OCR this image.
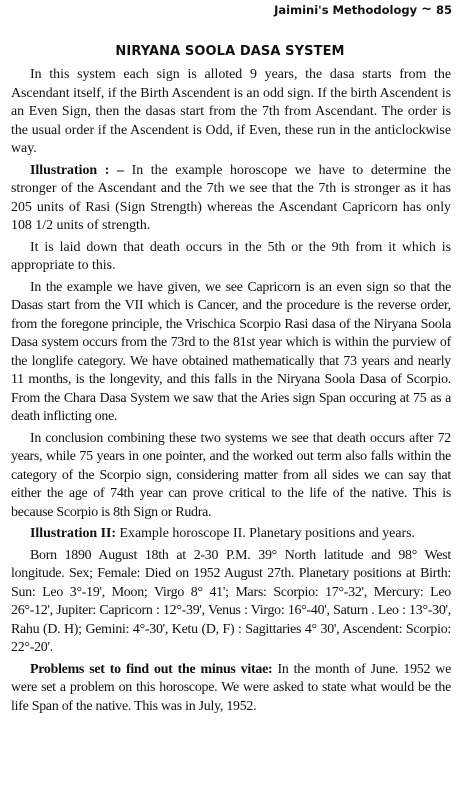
Jaimini's Methodology ~ 85
NIRYANA SOOLA DASA SYSTEM

In this system each sign is alloted 9 years, the dasa starts from the Ascendant itself, if the Birth Ascendent is an odd sign. If the birth Ascendent is an Even Sign, then the dasas start from the 7th from Ascendant. The order is the usual order if the Ascendent is Odd, if Even, these run in the anticlockwise way.

Illustration : – In the example horoscope we have to determine the stronger of the Ascendant and the 7th we see that the 7th is stronger as it has 205 units of Rasi (Sign Strength) whereas the Ascendant Capricorn has only 108 1/2 units of strength.

It is laid down that death occurs in the 5th or the 9th from it which is appropriate to this.

In the example we have given, we see Capricorn is an even sign so that the Dasas start from the VII which is Cancer, and the procedure is the reverse order, from the foregone principle, the Vrischica Scorpio Rasi dasa of the Niryana Soola Dasa system occurs from the 73rd to the 81st year which is within the purview of the longlife category. We have obtained mathematically that 73 years and nearly 11 months, is the longevity, and this falls in the Niryana Soola Dasa of Scorpio. From the Chara Dasa System we saw that the Aries sign Span occuring at 75 as a death inflicting one.

In conclusion combining these two systems we see that death occurs after 72 years, while 75 years in one pointer, and the worked out term also falls within the category of the Scorpio sign, considering matter from all sides we can say that either the age of 74th year can prove critical to the life of the native. This is because Scorpio is 8th Sign or Rudra.

Illustration II: Example horoscope II. Planetary positions and years.

Born 1890 August 18th at 2-30 P.M. 39° North latitude and 98° West longitude. Sex; Female: Died on 1952 August 27th. Planetary positions at Birth: Sun: Leo 3°-19', Moon; Virgo 8° 41'; Mars: Scorpio: 17°-32', Mercury: Leo 26°-12', Jupiter: Capricorn : 12°-39', Venus : Virgo: 16°-40', Saturn . Leo : 13°-30', Rahu (D. H); Gemini: 4°-30', Ketu (D, F) : Sagittaries 4° 30', Ascendent: Scorpio: 22°-20'.

Problems set to find out the minus vitae: In the month of June. 1952 we were set a problem on this horoscope. We were asked to state what would be the life Span of the native. This was in July, 1952.
